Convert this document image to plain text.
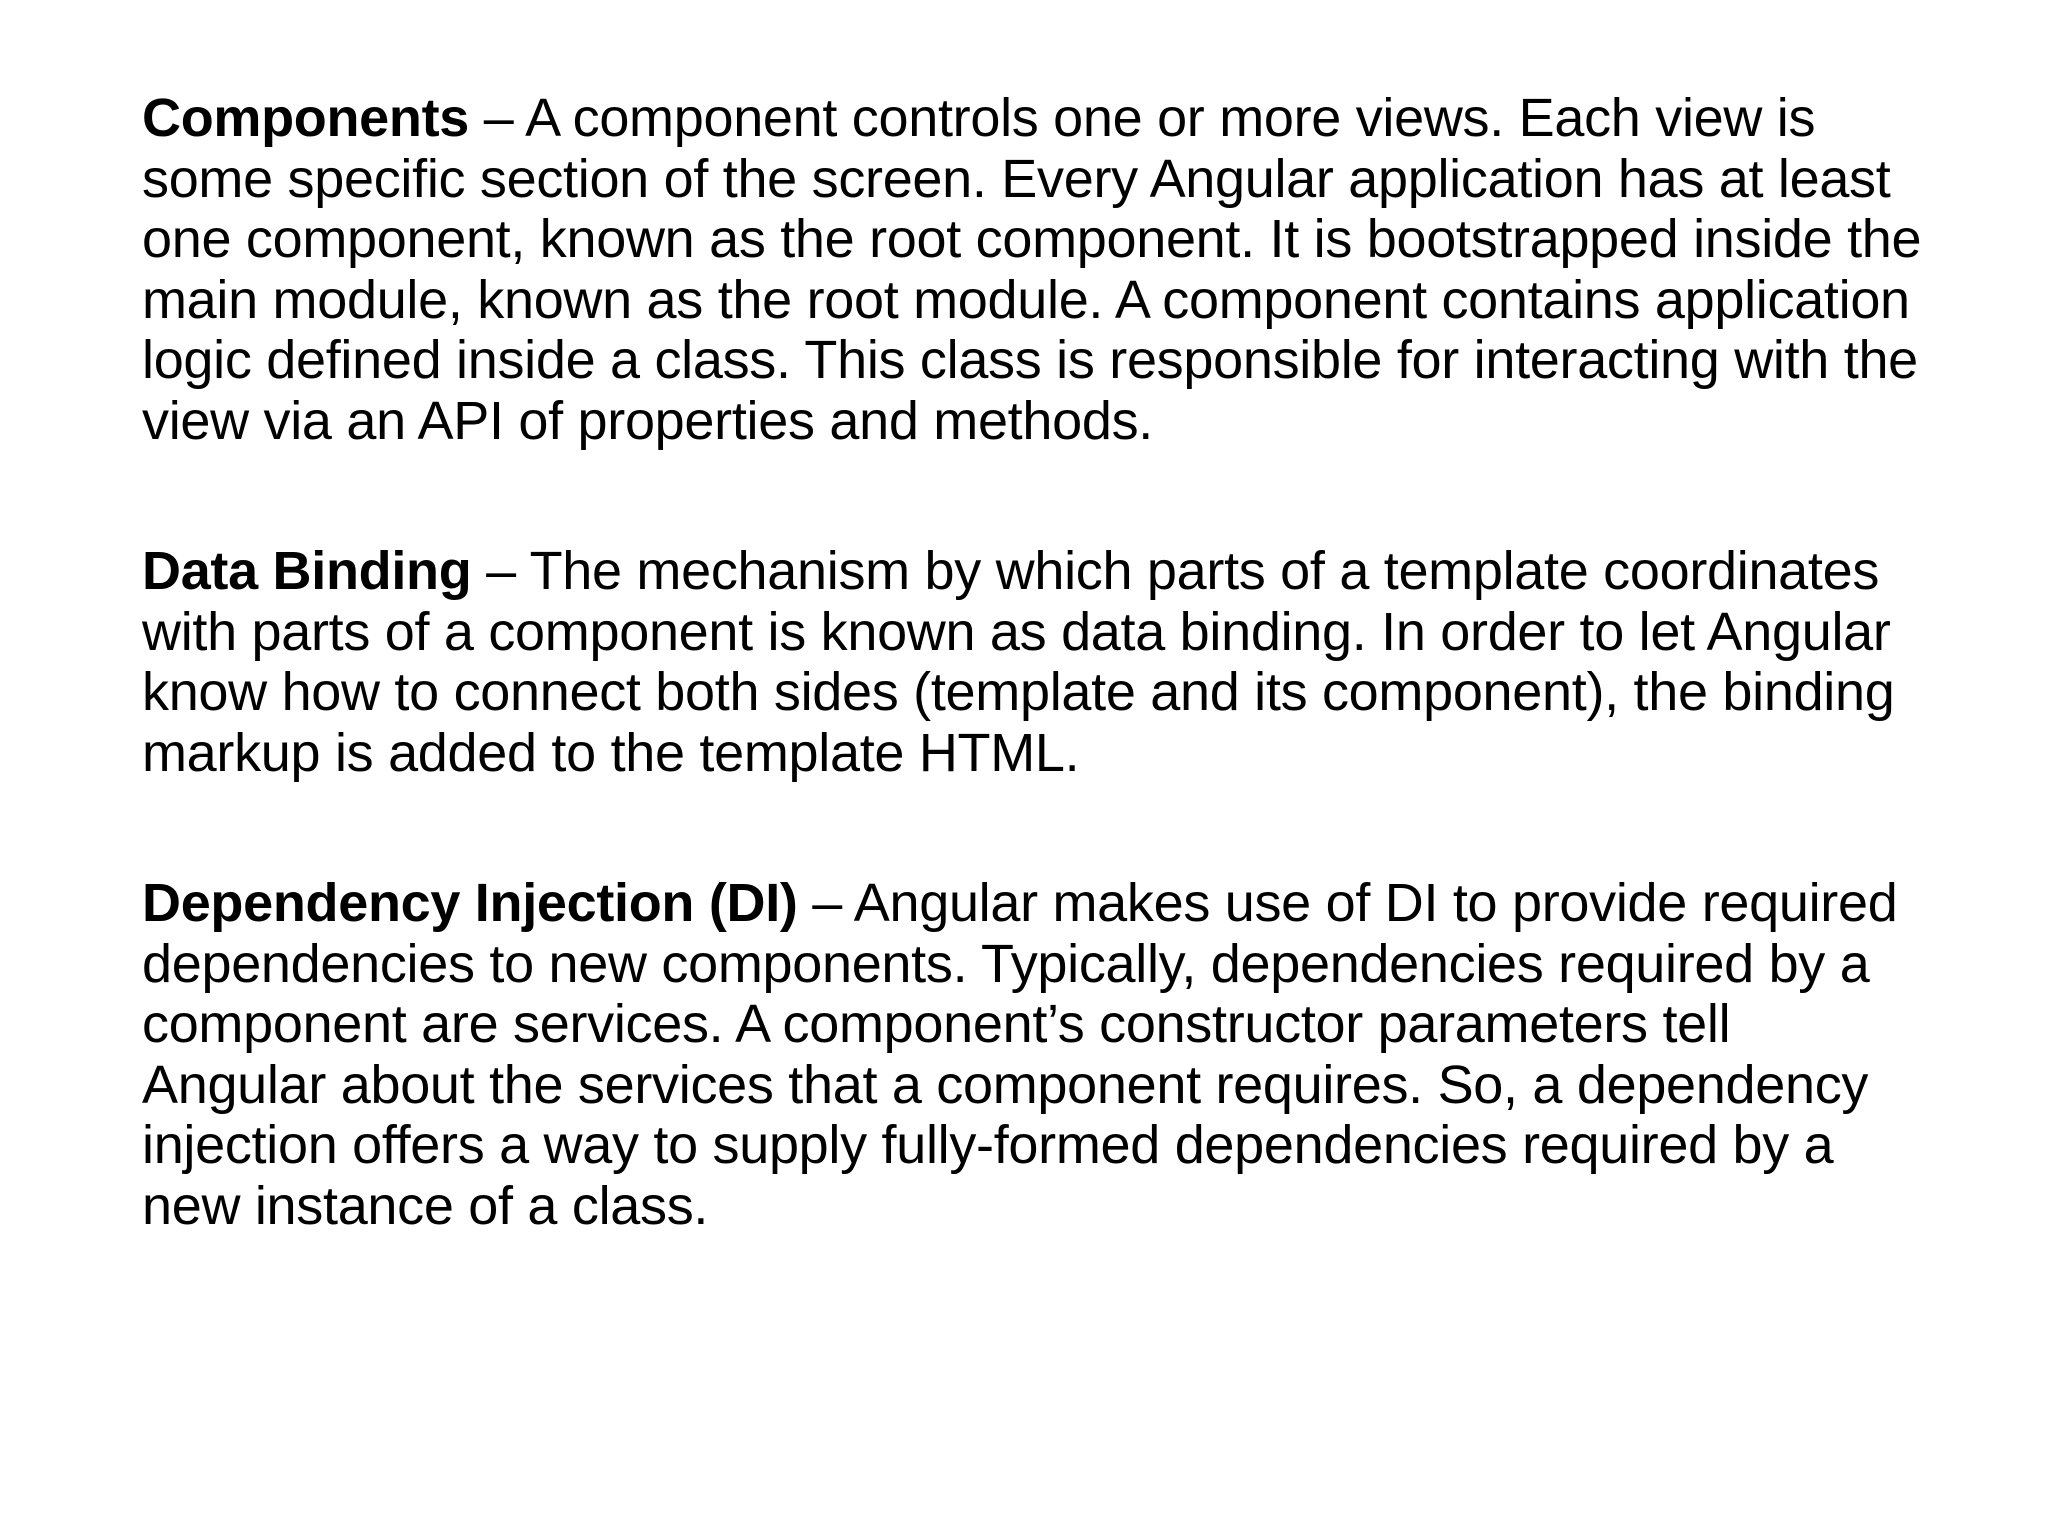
Components – A component controls one or more views. Each view is some specific section of the screen. Every Angular application has at least one component, known as the root component. It is bootstrapped inside the main module, known as the root module. A component contains application logic defined inside a class. This class is responsible for interacting with the view via an API of properties and methods.

Data Binding – The mechanism by which parts of a template coordinates with parts of a component is known as data binding. In order to let Angular know how to connect both sides (template and its component), the binding markup is added to the template HTML.

Dependency Injection (DI) – Angular makes use of DI to provide required dependencies to new components. Typically, dependencies required by a component are services. A component’s constructor parameters tell Angular about the services that a component requires. So, a dependency injection offers a way to supply fully-formed dependencies required by a new instance of a class.
